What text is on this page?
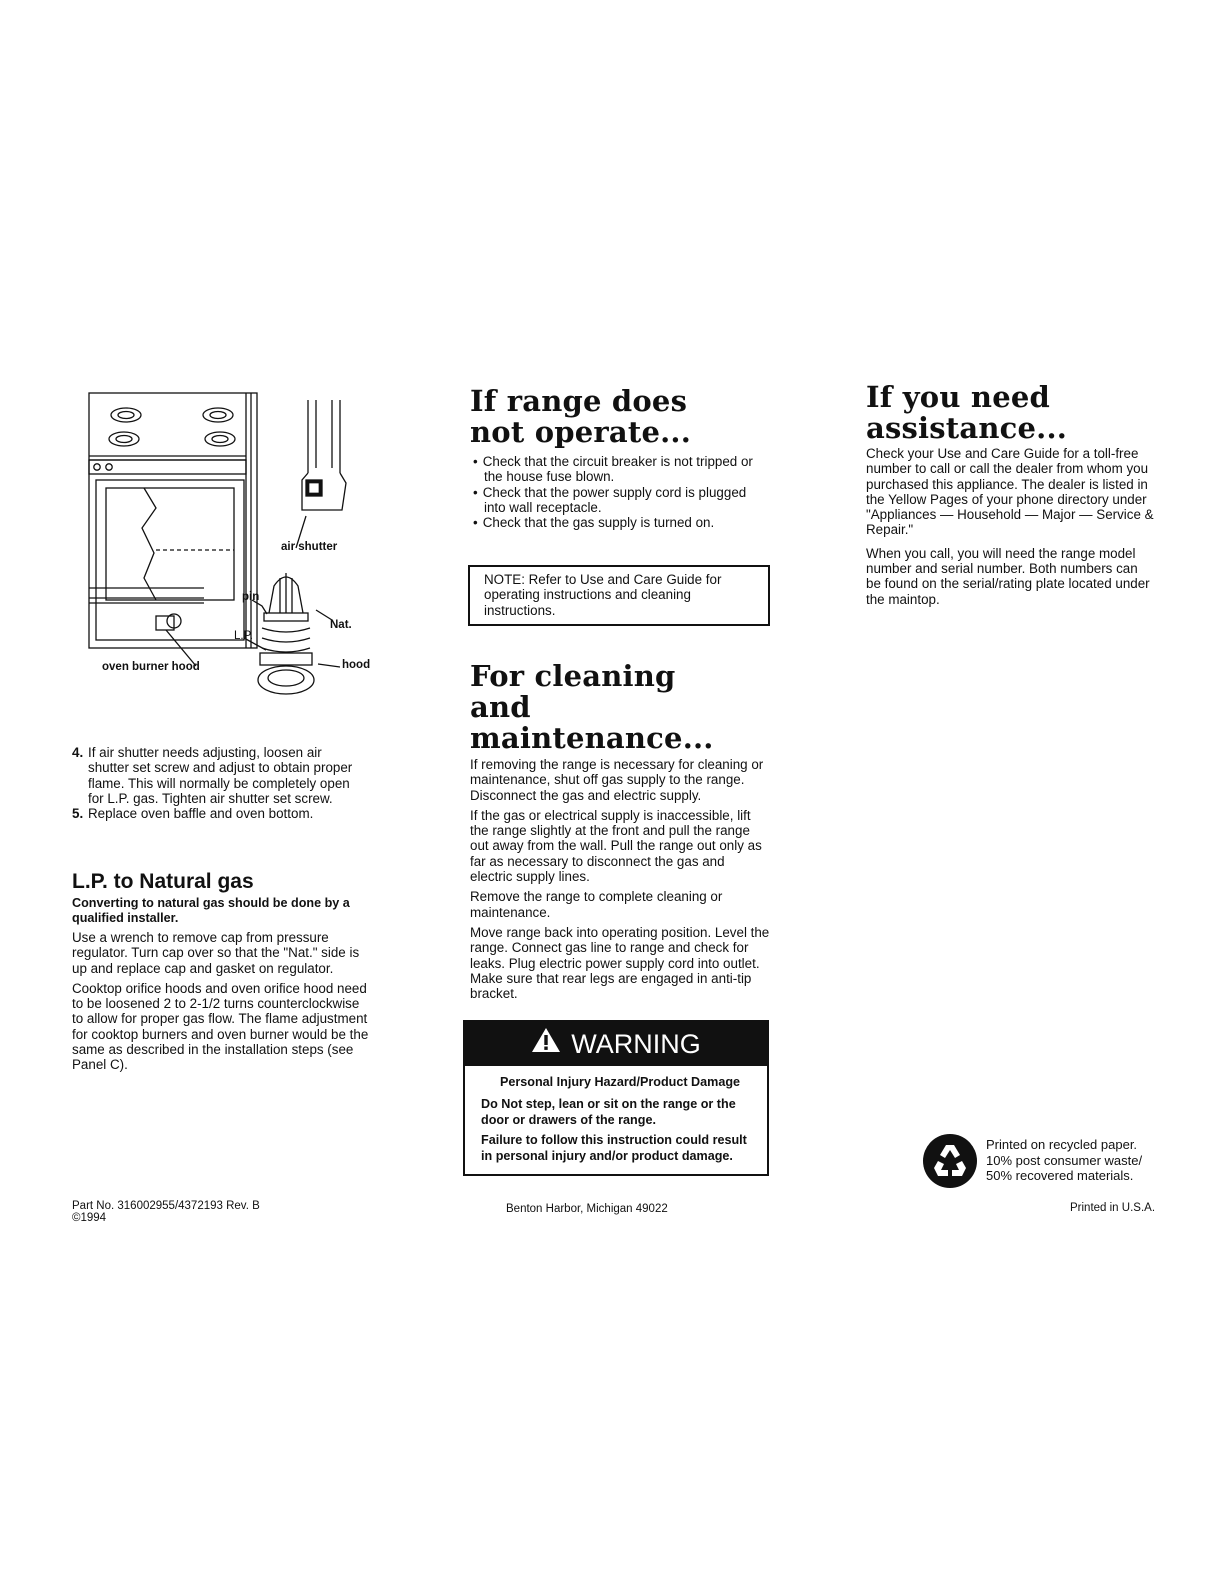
air shutter
pin
L.P.
Nat.
hood
oven burner hood
4. If air shutter needs adjusting, loosen air shutter set screw and adjust to obtain proper flame. This will normally be completely open for L.P. gas. Tighten air shutter set screw.
5. Replace oven baffle and oven bottom.
L.P. to Natural gas

Converting to natural gas should be done by a qualified installer.

Use a wrench to remove cap from pressure regulator. Turn cap over so that the "Nat." side is up and replace cap and gasket on regulator.

Cooktop orifice hoods and oven orifice hood need to be loosened 2 to 2-1/2 turns counterclockwise to allow for proper gas flow. The flame adjustment for cooktop burners and oven burner would be the same as described in the installation steps (see Panel C).

Part No. 316002955/4372193 Rev. B
©1994
If range does not operate...
• Check that the circuit breaker is not tripped or the house fuse blown.
• Check that the power supply cord is plugged into wall receptacle.
• Check that the gas supply is turned on.

NOTE: Refer to Use and Care Guide for operating instructions and cleaning instructions.

For cleaning and maintenance...

If removing the range is necessary for cleaning or maintenance, shut off gas supply to the range. Disconnect the gas and electric supply.

If the gas or electrical supply is inaccessible, lift the range slightly at the front and pull the range out away from the wall. Pull the range out only as far as necessary to disconnect the gas and electric supply lines.

Remove the range to complete cleaning or maintenance.

Move range back into operating position. Level the range. Connect gas line to range and check for leaks. Plug electric power supply cord into outlet. Make sure that rear legs are engaged in anti-tip bracket.

WARNING

Personal Injury Hazard/Product Damage

Do Not step, lean or sit on the range or the door or drawers of the range.

Failure to follow this instruction could result in personal injury and/or product damage.

Benton Harbor, Michigan 49022
If you need assistance...

Check your Use and Care Guide for a toll-free number to call or call the dealer from whom you purchased this appliance. The dealer is listed in the Yellow Pages of your phone directory under "Appliances — Household — Major — Service & Repair."

When you call, you will need the range model number and serial number. Both numbers can be found on the serial/rating plate located under the maintop.

Printed on recycled paper.
10% post consumer waste/
50% recovered materials.
Printed in U.S.A.
